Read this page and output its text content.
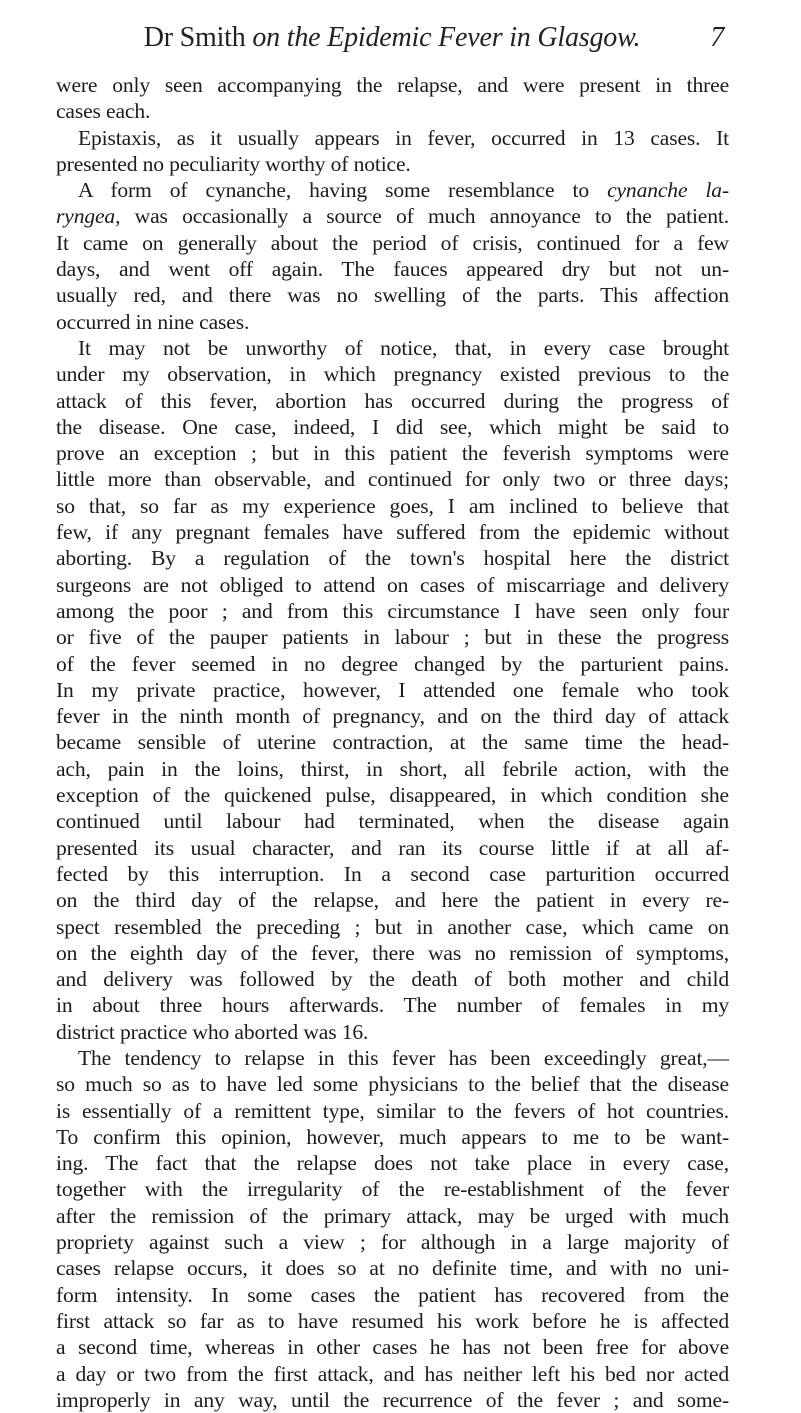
Dr Smith on the Epidemic Fever in Glasgow.	7
were only seen accompanying the relapse, and were present in three
cases each.
Epistaxis, as it usually appears in fever, occurred in 13 cases. It
presented no peculiarity worthy of notice.
A form of cynanche, having some resemblance to cynanche la-
ryngea, was occasionally a source of much annoyance to the patient.
It came on generally about the period of crisis, continued for a few
days, and went off again. The fauces appeared dry but not un-
usually red, and there was no swelling of the parts. This affection
occurred in nine cases.
It may not be unworthy of notice, that, in every case brought
under my observation, in which pregnancy existed previous to the
attack of this fever, abortion has occurred during the progress of
the disease. One case, indeed, I did see, which might be said to
prove an exception ; but in this patient the feverish symptoms were
little more than observable, and continued for only two or three days;
so that, so far as my experience goes, I am inclined to believe that
few, if any pregnant females have suffered from the epidemic without
aborting. By a regulation of the town's hospital here the district
surgeons are not obliged to attend on cases of miscarriage and delivery
among the poor ; and from this circumstance I have seen only four
or five of the pauper patients in labour ; but in these the progress
of the fever seemed in no degree changed by the parturient pains.
In my private practice, however, I attended one female who took
fever in the ninth month of pregnancy, and on the third day of attack
became sensible of uterine contraction, at the same time the head-
ach, pain in the loins, thirst, in short, all febrile action, with the
exception of the quickened pulse, disappeared, in which condition she
continued until labour had terminated, when the disease again
presented its usual character, and ran its course little if at all af-
fected by this interruption. In a second case parturition occurred
on the third day of the relapse, and here the patient in every re-
spect resembled the preceding ; but in another case, which came on
on the eighth day of the fever, there was no remission of symptoms,
and delivery was followed by the death of both mother and child
in about three hours afterwards. The number of females in my
district practice who aborted was 16.
The tendency to relapse in this fever has been exceedingly great,—
so much so as to have led some physicians to the belief that the disease
is essentially of a remittent type, similar to the fevers of hot countries.
To confirm this opinion, however, much appears to me to be want-
ing. The fact that the relapse does not take place in every case,
together with the irregularity of the re-establishment of the fever
after the remission of the primary attack, may be urged with much
propriety against such a view ; for although in a large majority of
cases relapse occurs, it does so at no definite time, and with no uni-
form intensity. In some cases the patient has recovered from the
first attack so far as to have resumed his work before he is affected
a second time, whereas in other cases he has not been free for above
a day or two from the first attack, and has neither left his bed nor acted
improperly in any way, until the recurrence of the fever ; and some-
